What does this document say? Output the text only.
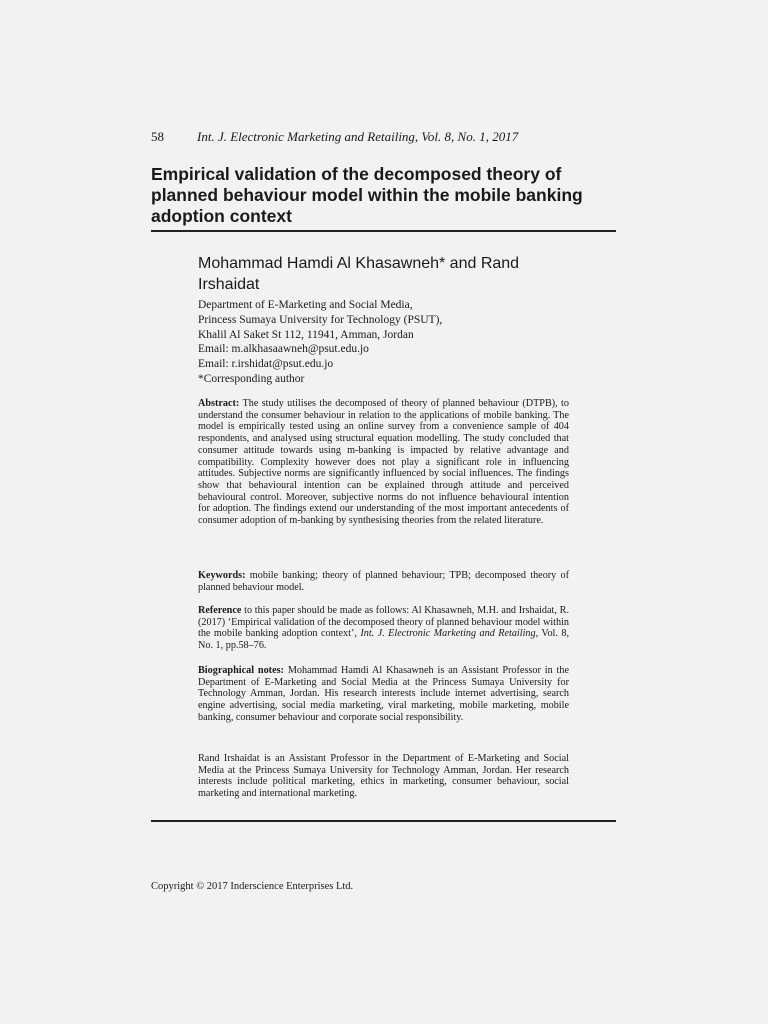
58	Int. J. Electronic Marketing and Retailing, Vol. 8, No. 1, 2017
Empirical validation of the decomposed theory of planned behaviour model within the mobile banking adoption context
Mohammad Hamdi Al Khasawneh* and Rand Irshaidat
Department of E-Marketing and Social Media,
Princess Sumaya University for Technology (PSUT),
Khalil Al Saket St 112, 11941, Amman, Jordan
Email: m.alkhasaawneh@psut.edu.jo
Email: r.irshidat@psut.edu.jo
*Corresponding author

Abstract: The study utilises the decomposed of theory of planned behaviour (DTPB), to understand the consumer behaviour in relation to the applications of mobile banking. The model is empirically tested using an online survey from a convenience sample of 404 respondents, and analysed using structural equation modelling. The study concluded that consumer attitude towards using m-banking is impacted by relative advantage and compatibility. Complexity however does not play a significant role in influencing attitudes. Subjective norms are significantly influenced by social influences. The findings show that behavioural intention can be explained through attitude and perceived behavioural control. Moreover, subjective norms do not influence behavioural intention for adoption. The findings extend our understanding of the most important antecedents of consumer adoption of m-banking by synthesising theories from the related literature.

Keywords: mobile banking; theory of planned behaviour; TPB; decomposed theory of planned behaviour model.

Reference to this paper should be made as follows: Al Khasawneh, M.H. and Irshaidat, R. (2017) ‘Empirical validation of the decomposed theory of planned behaviour model within the mobile banking adoption context’, Int. J. Electronic Marketing and Retailing, Vol. 8, No. 1, pp.58–76.

Biographical notes: Mohammad Hamdi Al Khasawneh is an Assistant Professor in the Department of E-Marketing and Social Media at the Princess Sumaya University for Technology Amman, Jordan. His research interests include internet advertising, search engine advertising, social media marketing, viral marketing, mobile marketing, mobile banking, consumer behaviour and corporate social responsibility.

Rand Irshaidat is an Assistant Professor in the Department of E-Marketing and Social Media at the Princess Sumaya University for Technology Amman, Jordan. Her research interests include political marketing, ethics in marketing, consumer behaviour, social marketing and international marketing.

Copyright © 2017 Inderscience Enterprises Ltd.
